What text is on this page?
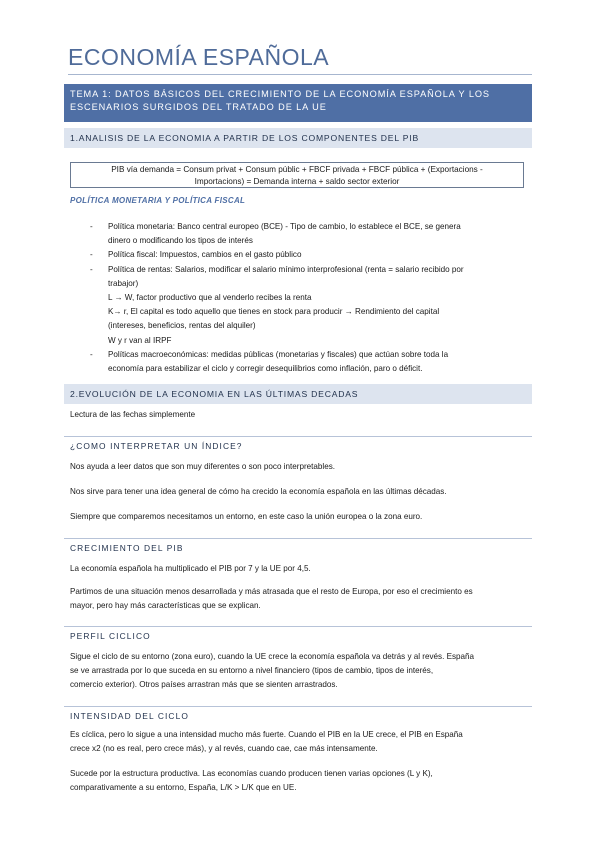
ECONOMÍA ESPAÑOLA
TEMA 1: DATOS BÁSICOS DEL CRECIMIENTO DE LA ECONOMÍA ESPAÑOLA Y LOS
ESCENARIOS SURGIDOS DEL TRATADO DE LA UE
1.ANALISIS DE LA ECONOMIA A PARTIR DE LOS COMPONENTES DEL PIB
PIB vía demanda = Consum privat + Consum públic + FBCF privada + FBCF pública + (Exportacions -
Importacions) = Demanda interna + saldo sector exterior
POLÍTICA MONETARIA Y POLÍTICA FISCAL
- Política monetaria: Banco central europeo (BCE) - Tipo de cambio, lo establece el BCE, se genera
dinero o modificando los tipos de interés
- Política fiscal: Impuestos, cambios en el gasto público
- Política de rentas: Salarios, modificar el salario mínimo interprofesional (renta = salario recibido por
trabajor)
L → W, factor productivo que al venderlo recibes la renta
K→ r, El capital es todo aquello que tienes en stock para producir → Rendimiento del capital
(intereses, beneficios, rentas del alquiler)
W y r van al IRPF
- Políticas macroeconómicas: medidas públicas (monetarias y fiscales) que actúan sobre toda la
economía para estabilizar el ciclo y corregir desequilibrios como inflación, paro o déficit.
2.EVOLUCIÓN DE LA ECONOMIA EN LAS ÚLTIMAS DECADAS
Lectura de las fechas simplemente
¿COMO INTERPRETAR UN ÍNDICE?
Nos ayuda a leer datos que son muy diferentes o son poco interpretables.
Nos sirve para tener una idea general de cómo ha crecido la economía española en las últimas décadas.
Siempre que comparemos necesitamos un entorno, en este caso la unión europea o la zona euro.
CRECIMIENTO DEL PIB
La economía española ha multiplicado el PIB por 7 y la UE por 4,5.
Partimos de una situación menos desarrollada y más atrasada que el resto de Europa, por eso el crecimiento es
mayor, pero hay más características que se explican.
PERFIL CICLICO
Sigue el ciclo de su entorno (zona euro), cuando la UE crece la economía española va detrás y al revés. España
se ve arrastrada por lo que suceda en su entorno a nivel financiero (tipos de cambio, tipos de interés,
comercio exterior). Otros países arrastran más que se sienten arrastrados.
INTENSIDAD DEL CICLO
Es cíclica, pero lo sigue a una intensidad mucho más fuerte. Cuando el PIB en la UE crece, el PIB en España
crece x2 (no es real, pero crece más), y al revés, cuando cae, cae más intensamente.
Sucede por la estructura productiva. Las economías cuando producen tienen varias opciones (L y K),
comparativamente a su entorno, España, L/K > L/K que en UE.
